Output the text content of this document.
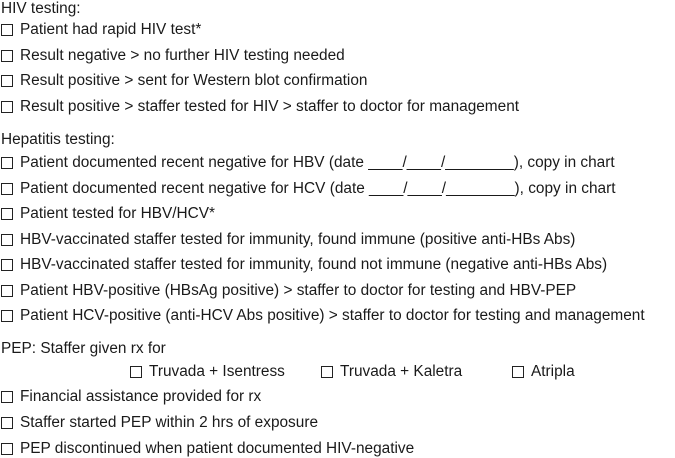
HIV testing:
Patient had rapid HIV test*
Result negative > no further HIV testing needed
Result positive > sent for Western blot confirmation
Result positive > staffer tested for HIV > staffer to doctor for management
Hepatitis testing:
Patient documented recent negative for HBV (date ____/____/________), copy in chart
Patient documented recent negative for HCV (date ____/____/________), copy in chart
Patient tested for HBV/HCV*
HBV-vaccinated staffer tested for immunity, found immune (positive anti-HBs Abs)
HBV-vaccinated staffer tested for immunity, found not immune (negative anti-HBs Abs)
Patient HBV-positive (HBsAg positive) > staffer to doctor for testing and HBV-PEP
Patient HCV-positive (anti-HCV Abs positive) > staffer to doctor for testing and management
PEP: Staffer given rx for
Truvada + Isentress	Truvada + Kaletra	Atripla
Financial assistance provided for rx
Staffer started PEP within 2 hrs of exposure
PEP discontinued when patient documented HIV-negative
